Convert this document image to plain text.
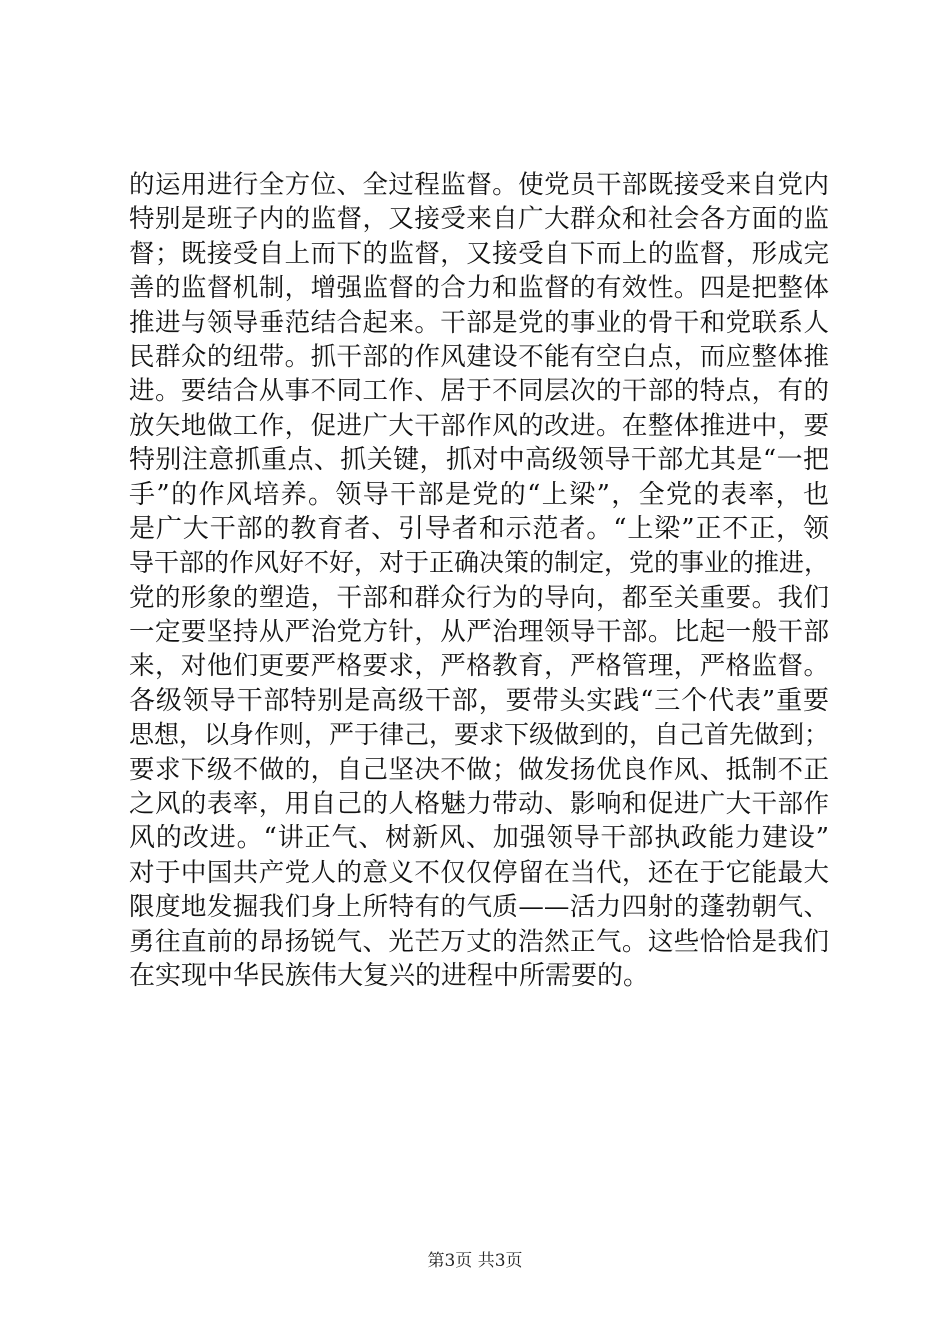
的运用进行全方位、全过程监督。使党员干部既接受来自党内
特别是班子内的监督，又接受来自广大群众和社会各方面的监
督；既接受自上而下的监督，又接受自下而上的监督，形成完
善的监督机制，增强监督的合力和监督的有效性。四是把整体
推进与领导垂范结合起来。干部是党的事业的骨干和党联系人
民群众的纽带。抓干部的作风建设不能有空白点，而应整体推
进。要结合从事不同工作、居于不同层次的干部的特点，有的
放矢地做工作，促进广大干部作风的改进。在整体推进中，要
特别注意抓重点、抓关键，抓对中高级领导干部尤其是“一把
手”的作风培养。领导干部是党的“上梁”，全党的表率，也
是广大干部的教育者、引导者和示范者。“上梁”正不正，领
导干部的作风好不好，对于正确决策的制定，党的事业的推进，
党的形象的塑造，干部和群众行为的导向，都至关重要。我们
一定要坚持从严治党方针，从严治理领导干部。比起一般干部
来，对他们更要严格要求，严格教育，严格管理，严格监督。
各级领导干部特别是高级干部，要带头实践“三个代表”重要
思想，以身作则，严于律己，要求下级做到的，自己首先做到；
要求下级不做的，自己坚决不做；做发扬优良作风、抵制不正
之风的表率，用自己的人格魅力带动、影响和促进广大干部作
风的改进。“讲正气、树新风、加强领导干部执政能力建设”
对于中国共产党人的意义不仅仅停留在当代，还在于它能最大
限度地发掘我们身上所特有的气质——活力四射的蓬勃朝气、
勇往直前的昂扬锐气、光芒万丈的浩然正气。这些恰恰是我们
在实现中华民族伟大复兴的进程中所需要的。
第3页 共3页
